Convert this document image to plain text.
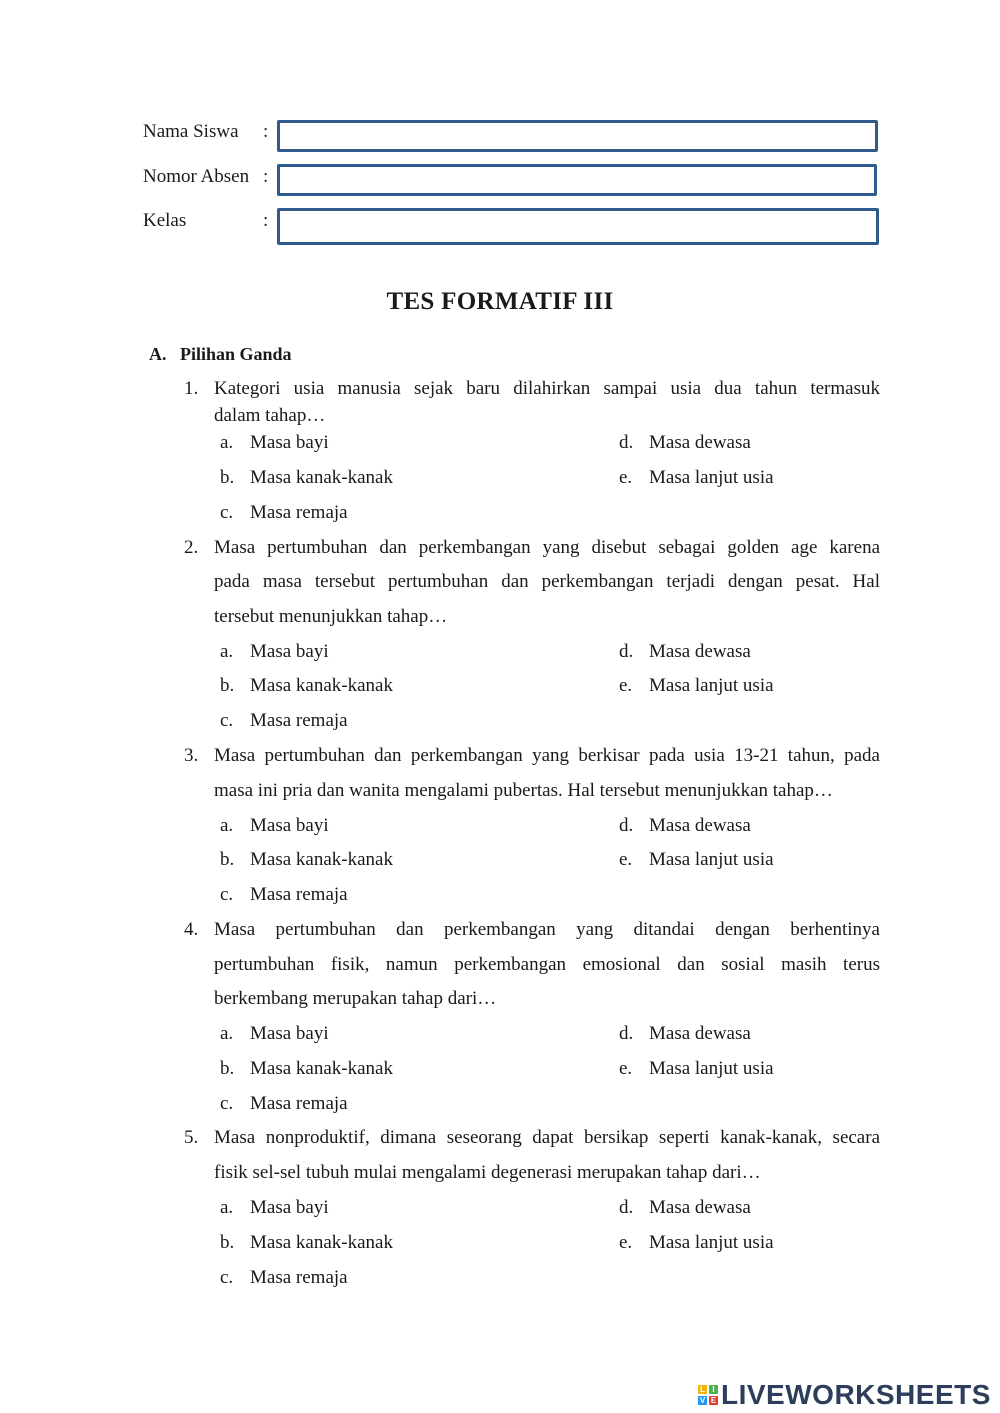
Nama Siswa :
Nomor Absen :
Kelas	:
TES FORMATIF III
A. Pilihan Ganda
1. Kategori usia manusia sejak baru dilahirkan sampai usia dua tahun termasuk
dalam tahap…
a. Masa bayi
b. Masa kanak-kanak
c. Masa remaja
d. Masa dewasa
e. Masa lanjut usia
2. Masa pertumbuhan dan perkembangan yang disebut sebagai golden age karena
pada masa tersebut pertumbuhan dan perkembangan terjadi dengan pesat. Hal
tersebut menunjukkan tahap…
a. Masa bayi
b. Masa kanak-kanak
c. Masa remaja
d. Masa dewasa
e. Masa lanjut usia
3. Masa pertumbuhan dan perkembangan yang berkisar pada usia 13-21 tahun, pada
masa ini pria dan wanita mengalami pubertas. Hal tersebut menunjukkan tahap…
a. Masa bayi
b. Masa kanak-kanak
c. Masa remaja
d. Masa dewasa
e. Masa lanjut usia
4. Masa pertumbuhan dan perkembangan yang ditandai dengan berhentinya
pertumbuhan fisik, namun perkembangan emosional dan sosial masih terus
berkembang merupakan tahap dari…
a. Masa bayi
b. Masa kanak-kanak
c. Masa remaja
d. Masa dewasa
e. Masa lanjut usia
5. Masa nonproduktif, dimana seseorang dapat bersikap seperti kanak-kanak, secara
fisik sel-sel tubuh mulai mengalami degenerasi merupakan tahap dari…
a. Masa bayi
b. Masa kanak-kanak
c. Masa remaja
d. Masa dewasa
e. Masa lanjut usia
L I
V E LIVEWORKSHEETS
